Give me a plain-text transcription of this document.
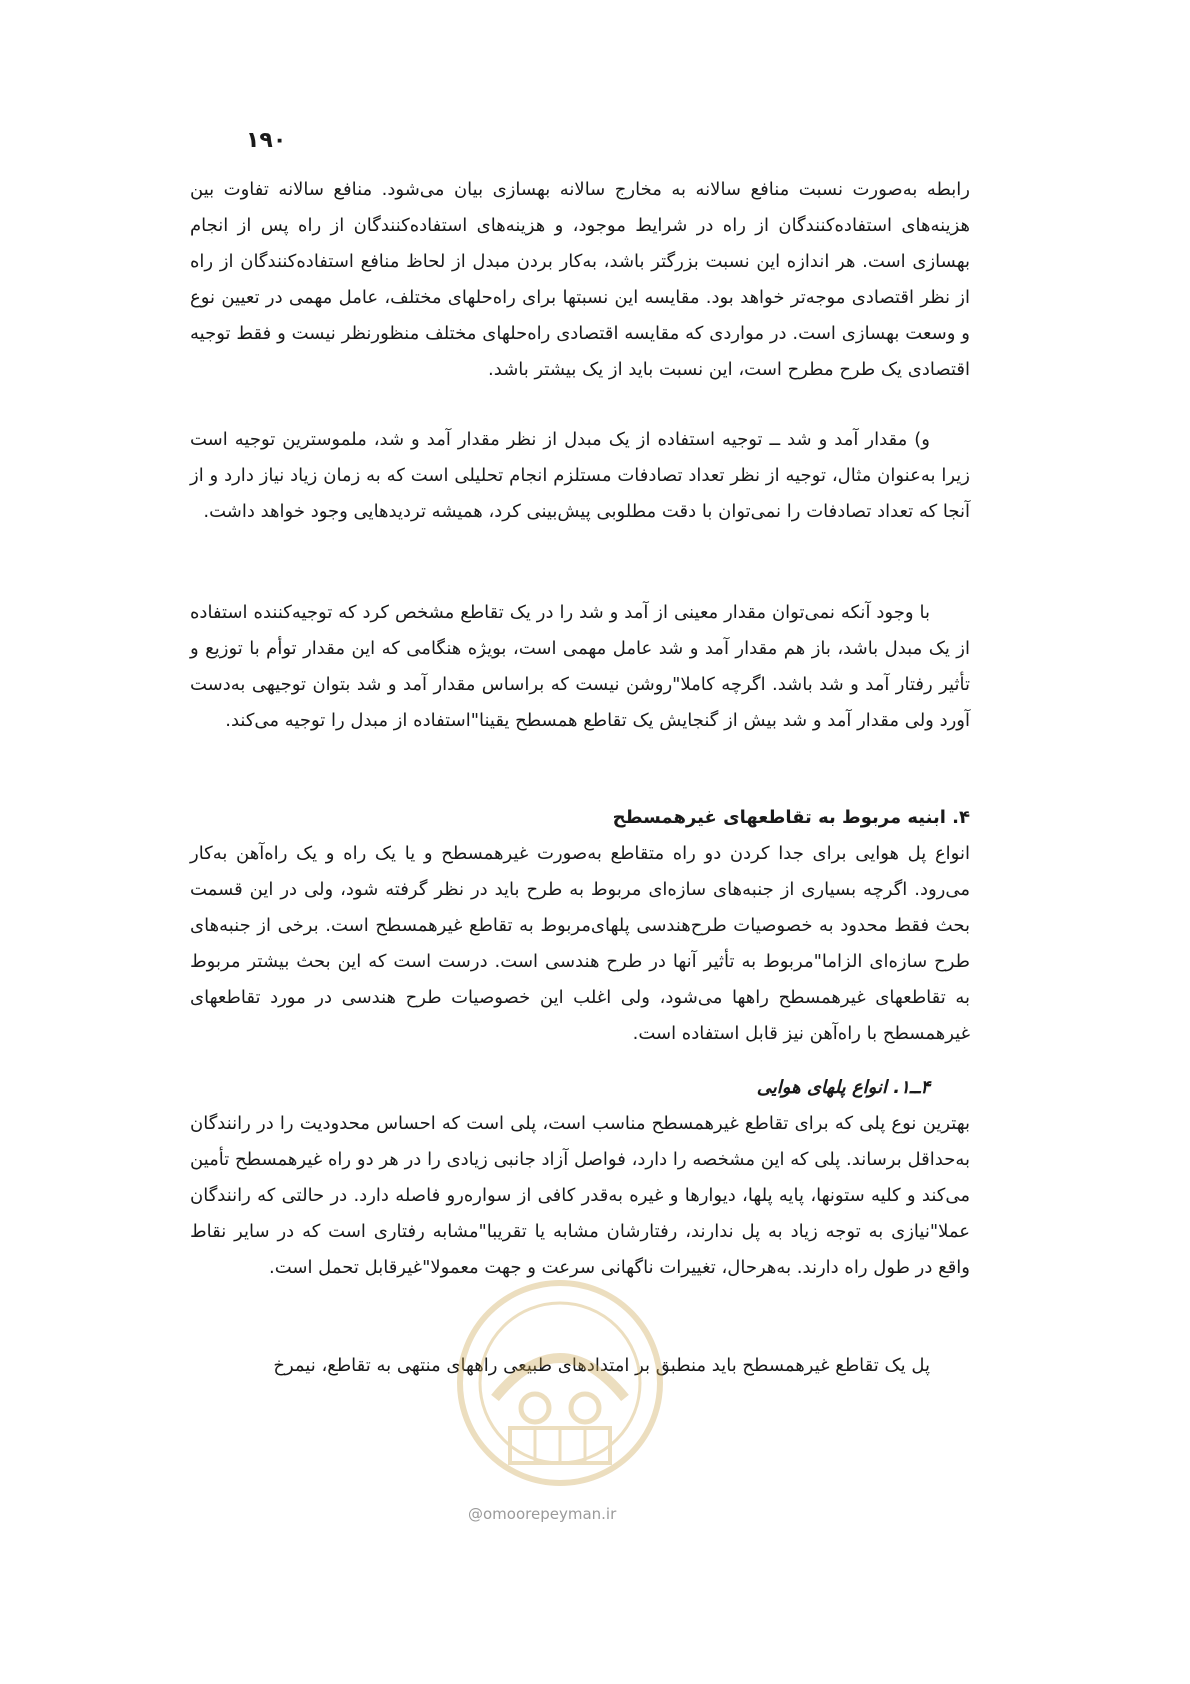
۱۹۰

رابطه به‌صورت نسبت منافع سالانه به مخارج سالانه بهسازی بیان می‌شود. منافع سالانه تفاوت بین هزینه‌های استفاده‌کنندگان از راه در شرایط موجود، و هزینه‌های استفاده‌کنندگان از راه پس از انجام بهسازی است. هر اندازه این نسبت بزرگتر باشد، به‌کار بردن مبدل از لحاظ منافع استفاده‌کنندگان از راه از نظر اقتصادی موجه‌تر خواهد بود. مقایسه این نسبتها برای راه‌حلهای مختلف، عامل مهمی در تعیین نوع و وسعت بهسازی است. در مواردی که مقایسه اقتصادی راه‌حلهای مختلف منظورنظر نیست و فقط توجیه اقتصادی یک طرح مطرح است، این نسبت باید از یک بیشتر باشد.

و) مقدار آمد و شد ــ توجیه استفاده از یک مبدل از نظر مقدار آمد و شد، ملموسترین توجیه است زیرا به‌عنوان مثال، توجیه از نظر تعداد تصادفات مستلزم انجام تحلیلی است که به زمان زیاد نیاز دارد و از آنجا که تعداد تصادفات را نمی‌توان با دقت مطلوبی پیش‌بینی کرد، همیشه تردیدهایی وجود خواهد داشت.

با وجود آنکه نمی‌توان مقدار معینی از آمد و شد را در یک تقاطع مشخص کرد که توجیه‌کننده استفاده از یک مبدل باشد، باز هم مقدار آمد و شد عامل مهمی است، بویژه هنگامی که این مقدار توأم با توزیع و تأثیر رفتار آمد و شد باشد. اگرچه کاملا"روشن نیست که براساس مقدار آمد و شد بتوان توجیهی به‌دست آورد ولی مقدار آمد و شد بیش از گنجایش یک تقاطع همسطح یقینا"استفاده از مبدل را توجیه می‌کند.

۴. ابنیه مربوط به تقاطعهای غیرهمسطح

انواع پل هوایی برای جدا کردن دو راه متقاطع به‌صورت غیرهمسطح و یا یک راه و یک راه‌آهن به‌کار می‌رود. اگرچه بسیاری از جنبه‌های سازه‌ای مربوط به طرح باید در نظر گرفته شود، ولی در این قسمت بحث فقط محدود به خصوصیات طرح‌هندسی پلهای‌مربوط به تقاطع غیرهمسطح است. برخی از جنبه‌های طرح سازه‌ای الزاما"مربوط به تأثیر آنها در طرح هندسی است. درست است که این بحث بیشتر مربوط به تقاطعهای غیرهمسطح راهها می‌شود، ولی اغلب این خصوصیات طرح هندسی در مورد تقاطعهای غیرهمسطح با راه‌آهن نیز قابل استفاده است.

۴ــ۱. انواع پلهای هوایی

بهترین نوع پلی که برای تقاطع غیرهمسطح مناسب است، پلی است که احساس محدودیت را در رانندگان به‌حداقل برساند. پلی که این مشخصه را دارد، فواصل آزاد جانبی زیادی را در هر دو راه غیرهمسطح تأمین می‌کند و کلیه ستونها، پایه پلها، دیوارها و غیره به‌قدر کافی از سواره‌رو فاصله دارد. در حالتی که رانندگان عملا"نیازی به توجه زیاد به پل ندارند، رفتارشان مشابه یا تقریبا"مشابه رفتاری است که در سایر نقاط واقع در طول راه دارند. به‌هرحال، تغییرات ناگهانی سرعت و جهت معمولا"غیرقابل تحمل است.

پل یک تقاطع غیرهمسطح باید منطبق بر امتدادهای طبیعی راههای منتهی به تقاطع، نیمرخ

@omoorepeyman.ir
